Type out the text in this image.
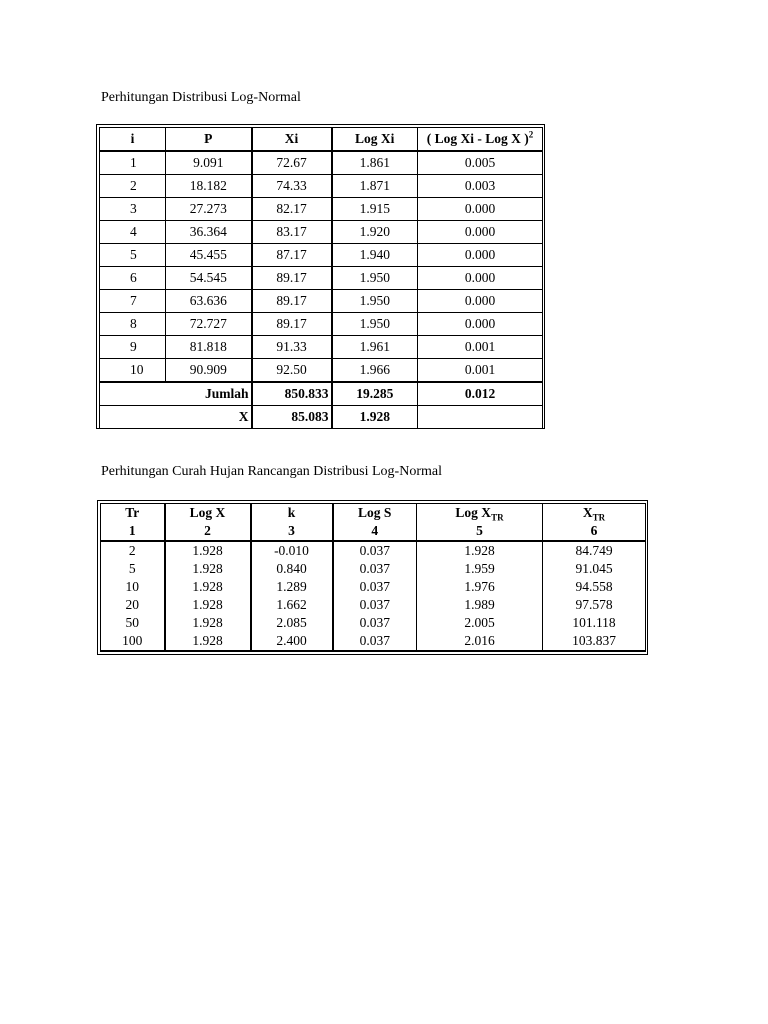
Perhitungan Distribusi Log-Normal
i	P	Xi	Log Xi	( Log Xi - Log X )$^2$
1	9.091	72.67	1.861	0.005
2	18.182	74.33	1.871	0.003
3	27.273	82.17	1.915	0.000
4	36.364	83.17	1.920	0.000
5	45.455	87.17	1.940	0.000
6	54.545	89.17	1.950	0.000
7	63.636	89.17	1.950	0.000
8	72.727	89.17	1.950	0.000
9	81.818	91.33	1.961	0.001
10	90.909	92.50	1.966	0.001
Jumlah		850.833	19.285	0.012
X		85.083	1.928	
Perhitungan Curah Hujan Rancangan Distribusi Log-Normal
Tr	Log X	k	Log S	Log $X_{TR}$	$X_{TR}$
1	2	3	4	5	6
2	1.928	-0.010	0.037	1.928	84.749
5	1.928	0.840	0.037	1.959	91.045
10	1.928	1.289	0.037	1.976	94.558
20	1.928	1.662	0.037	1.989	97.578
50	1.928	2.085	0.037	2.005	101.118
100	1.928	2.400	0.037	2.016	103.837
